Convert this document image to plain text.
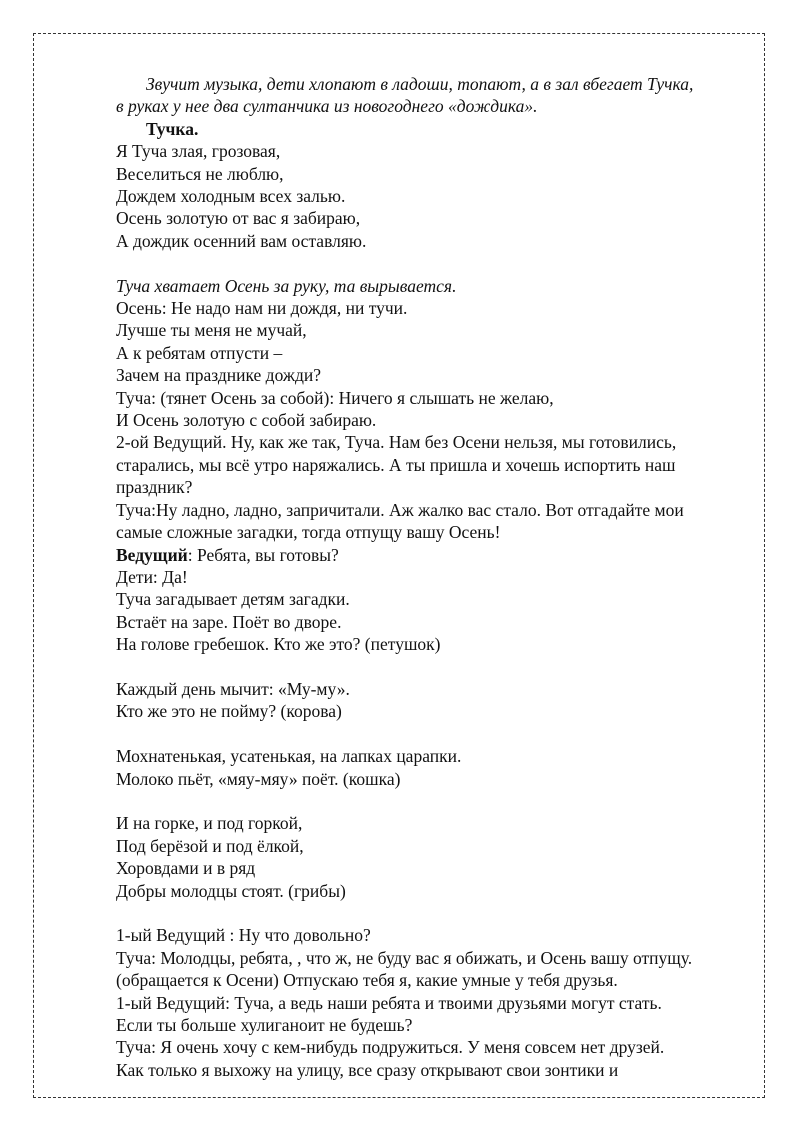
Звучит музыка, дети хлопают в ладоши, топают, а в зал вбегает Тучка,
в руках у нее два султанчика из новогоднего «дождика».
Тучка.
Я Туча злая, грозовая,
Веселиться не люблю,
Дождем холодным всех залью.
Осень золотую от вас я забираю,
А дождик осенний вам оставляю.
Туча хватает Осень за руку, та вырывается.
Осень: Не надо нам ни дождя, ни тучи.
Лучше ты меня не мучай,
А к ребятам отпусти –
Зачем на празднике дожди?
Туча: (тянет Осень за собой): Ничего я слышать не желаю,
И Осень золотую с собой забираю.
2-ой Ведущий. Ну, как же так, Туча. Нам без Осени нельзя, мы готовились,
старались, мы всё утро наряжались. А ты пришла и хочешь испортить наш
праздник?
Туча:Ну ладно, ладно, запричитали. Аж жалко вас стало. Вот отгадайте мои
самые сложные загадки, тогда отпущу вашу Осень!
Ведущий: Ребята, вы готовы?
Дети: Да!
Туча загадывает детям загадки.
Встаёт на заре. Поёт во дворе.
На голове гребешок. Кто же это? (петушок)
Каждый день мычит: «Му-му».
Кто же это не пойму? (корова)
Мохнатенькая, усатенькая, на лапках царапки.
Молоко пьёт, «мяу-мяу» поёт. (кошка)
И на горке, и под горкой,
Под берёзой и под ёлкой,
Хоровдами и в ряд
Добры молодцы стоят. (грибы)
1-ый Ведущий : Ну что довольно?
Туча: Молодцы, ребята, , что ж, не буду вас я обижать, и Осень вашу отпущу.
(обращается к Осени) Отпускаю тебя я, какие умные у тебя друзья.
1-ый Ведущий: Туча, а ведь наши ребята и твоими друзьями могут стать.
Если ты больше хулиганоит не будешь?
Туча: Я очень хочу с кем-нибудь подружиться. У меня совсем нет друзей.
Как только я выхожу на улицу, все сразу открывают свои зонтики и
